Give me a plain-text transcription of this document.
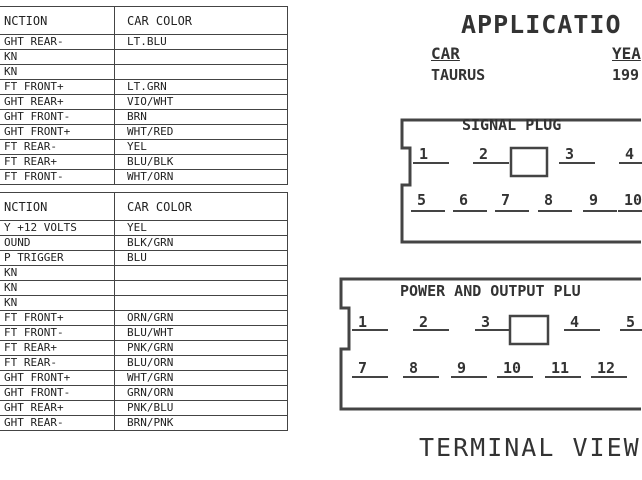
NCTION	CAR COLOR
GHT REAR-	LT.BLU
KN	
KN	
FT FRONT+	LT.GRN
GHT REAR+	VIO/WHT
GHT FRONT-	BRN
GHT FRONT+	WHT/RED
FT REAR-	YEL
FT REAR+	BLU/BLK
FT FRONT-	WHT/ORN
NCTION	CAR COLOR
Y +12 VOLTS	YEL
OUND	BLK/GRN
P TRIGGER	BLU
KN	
KN	
KN	
FT FRONT+	ORN/GRN
FT FRONT-	BLU/WHT
FT REAR+	PNK/GRN
FT REAR-	BLU/ORN
GHT FRONT+	WHT/GRN
GHT FRONT-	GRN/ORN
GHT REAR+	PNK/BLU
GHT REAR-	BRN/PNK
APPLICATIO
CAR	YEA
TAURUS	199
SIGNAL PLUG
POWER AND OUTPUT PLU
1	2	3	4
5 6 7 8 9 10
1	2	3	4	5
7	8	9 10 11 12
TERMINAL VIEW
